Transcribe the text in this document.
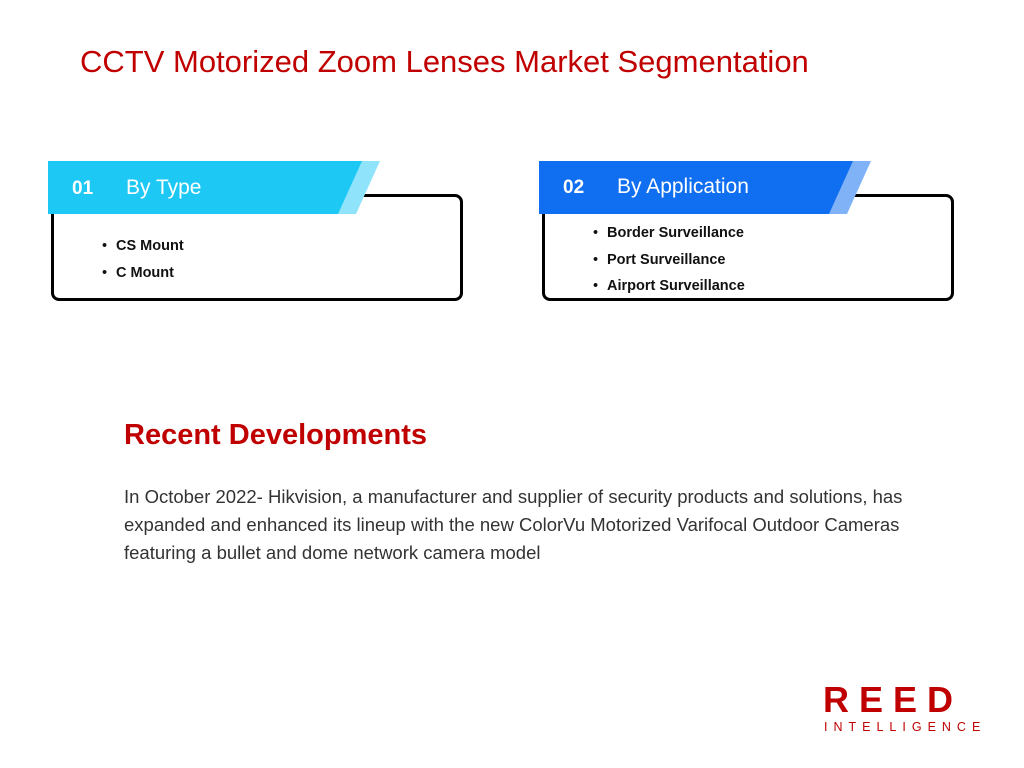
CCTV Motorized Zoom Lenses Market Segmentation
• CS Mount
• C Mount
01 By Type
• Border Surveillance
• Port Surveillance
• Airport Surveillance
02 By Application
Recent Developments
In October 2022- Hikvision, a manufacturer and supplier of security products and solutions, has expanded and enhanced its lineup with the new ColorVu Motorized Varifocal Outdoor Cameras featuring a bullet and dome network camera model
REED
INTELLIGENCE
